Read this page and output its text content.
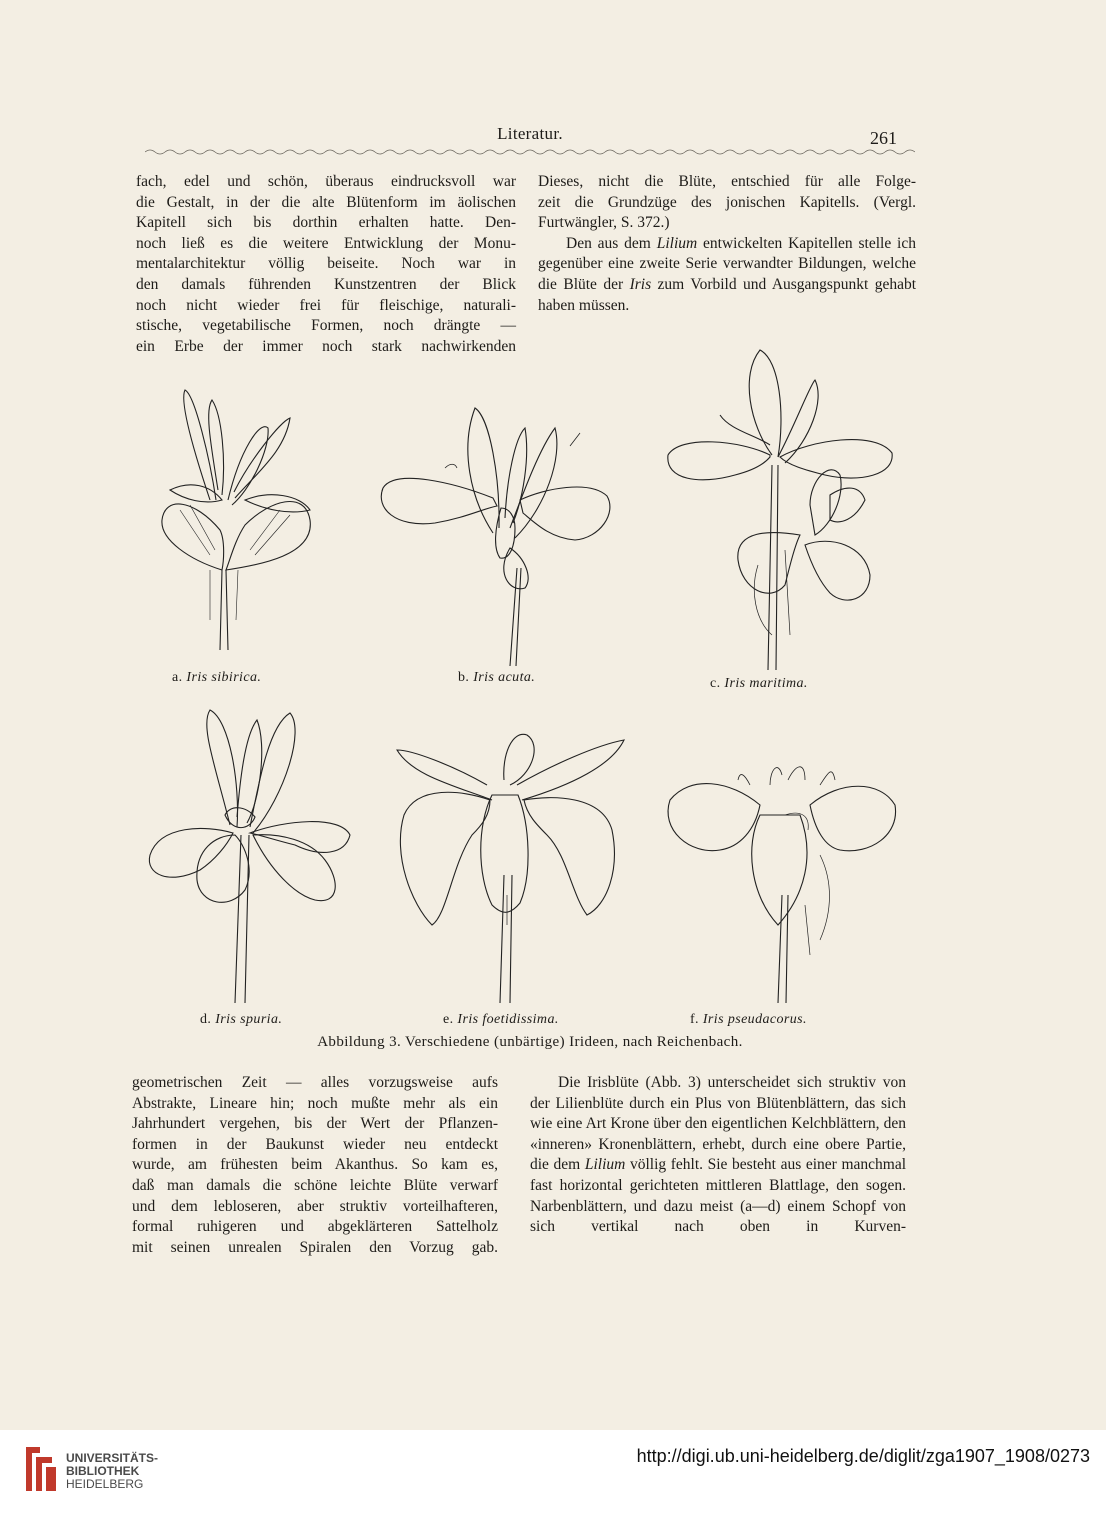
Literatur.	261

fach, edel und schön, überaus eindrucksvoll war

die Gestalt, in der die alte Blütenform im äolischen

Kapitell sich bis dorthin erhalten hatte. Den-

noch ließ es die weitere Entwicklung der Monu-

mentalarchitektur völlig beiseite. Noch war in

den damals führenden Kunstzentren der Blick

noch nicht wieder frei für fleischige, naturali-

stische, vegetabilische Formen, noch drängte —

ein Erbe der immer noch stark nachwirkenden

Dieses, nicht die Blüte, entschied für alle Folge-

zeit die Grundzüge des jonischen Kapitells. (Vergl.

Furtwängler, S. 372.)

Den aus dem Lilium entwickelten Kapitellen stelle ich gegenüber eine zweite Serie verwandter Bildungen, welche die Blüte der Iris zum Vorbild und Ausgangspunkt gehabt haben müssen.

a. Iris sibirica.	b. Iris acuta.	c. Iris maritima.
d. Iris spuria.	e. Iris foetidissima.	f. Iris pseudacorus.
Abbildung 3. Verschiedene (unbärtige) Irideen, nach Reichenbach.

geometrischen Zeit — alles vorzugsweise aufs

Abstrakte, Lineare hin; noch mußte mehr als ein

Jahrhundert vergehen, bis der Wert der Pflanzen-

formen in der Baukunst wieder neu entdeckt

wurde, am frühesten beim Akanthus. So kam es,

daß man damals die schöne leichte Blüte verwarf

und dem lebloseren, aber struktiv vorteilhafteren,

formal ruhigeren und abgeklärteren Sattelholz

mit seinen unrealen Spiralen den Vorzug gab.

Die Irisblüte (Abb. 3) unterscheidet sich struktiv von der Lilienblüte durch ein Plus von Blütenblättern, das sich wie eine Art Krone über den eigentlichen Kelchblättern, den «inneren» Kronenblättern, erhebt, durch eine obere Partie, die dem Lilium völlig fehlt. Sie besteht aus einer manchmal fast horizontal gerichteten mittleren Blattlage, den sogen. Narbenblättern, und dazu meist (a—d) einem Schopf von sich vertikal nach oben in Kurven-

UNIVERSITÄTS-
BIBLIOTHEK
HEIDELBERG
http://digi.ub.uni-heidelberg.de/diglit/zga1907_1908/0273
